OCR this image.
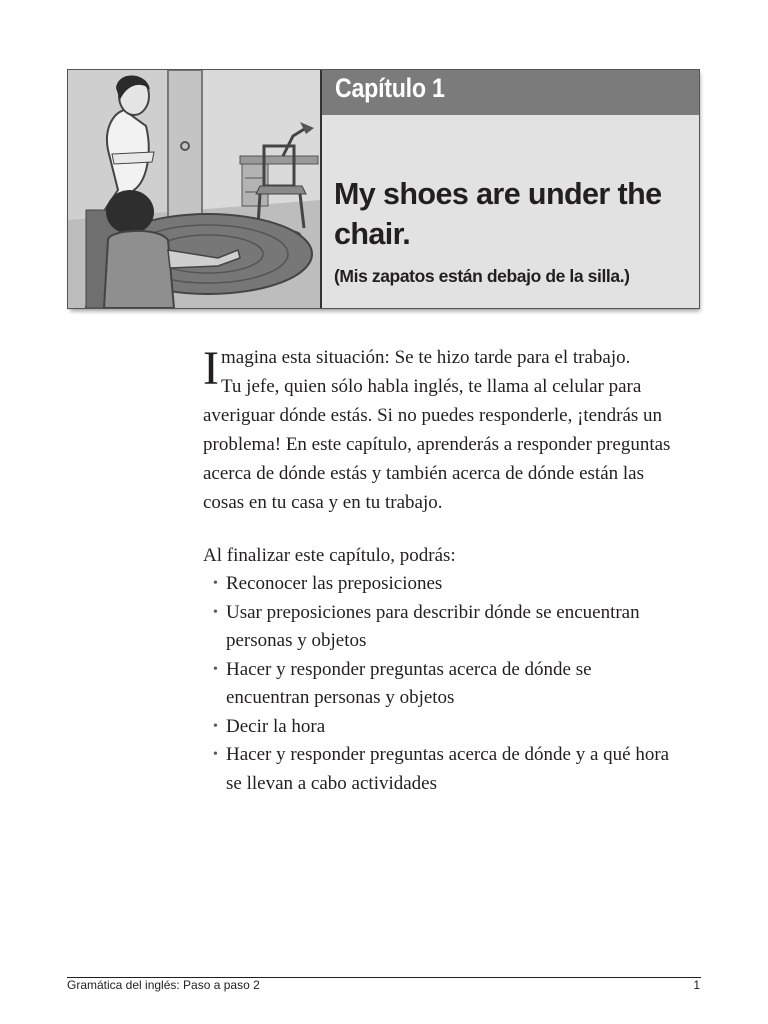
Capítulo 1
My shoes are under the chair.
(Mis zapatos están debajo de la silla.)

I magina esta situación: Se te hizo tarde para el trabajo.
Tu jefe, quien sólo habla inglés, te llama al celular para
averiguar dónde estás. Si no puedes responderle, ¡tendrás un
problema! En este capítulo, aprenderás a responder preguntas
acerca de dónde estás y también acerca de dónde están las
cosas en tu casa y en tu trabajo.

Al finalizar este capítulo, podrás:

• Reconocer las preposiciones
• Usar preposiciones para describir dónde se encuentran
personas y objetos
• Hacer y responder preguntas acerca de dónde se
encuentran personas y objetos
• Decir la hora
• Hacer y responder preguntas acerca de dónde y a qué hora
se llevan a cabo actividades
Gramática del inglés: Paso a paso 2	1
